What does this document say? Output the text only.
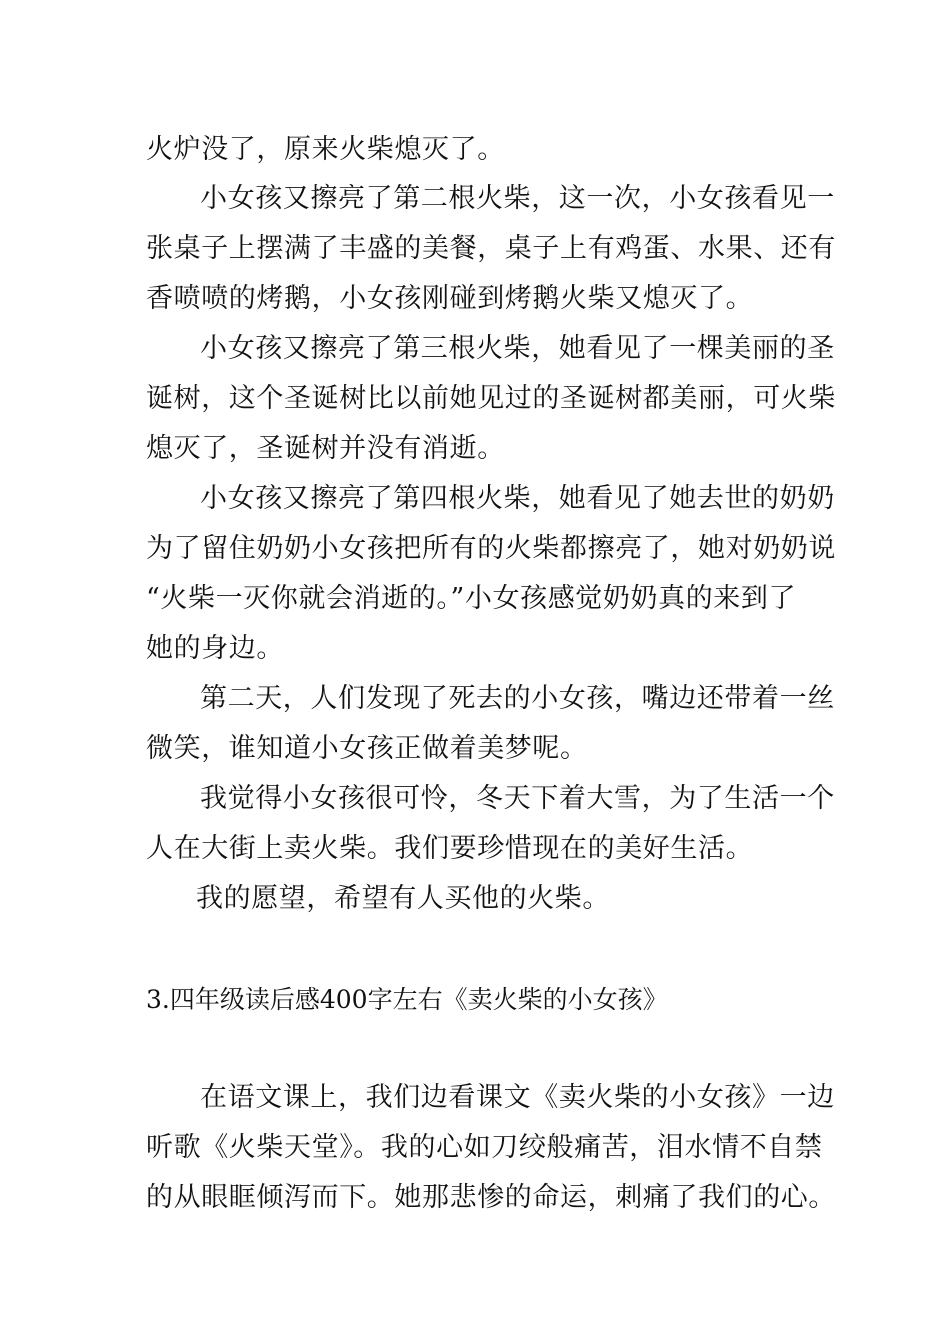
火炉没了，原来火柴熄灭了。
小女孩又擦亮了第二根火柴，这一次，小女孩看见一
张桌子上摆满了丰盛的美餐，桌子上有鸡蛋、水果、还有
香喷喷的烤鹅，小女孩刚碰到烤鹅火柴又熄灭了。
小女孩又擦亮了第三根火柴，她看见了一棵美丽的圣
诞树，这个圣诞树比以前她见过的圣诞树都美丽，可火柴
熄灭了，圣诞树并没有消逝。
小女孩又擦亮了第四根火柴，她看见了她去世的奶奶
为了留住奶奶小女孩把所有的火柴都擦亮了，她对奶奶说
“火柴一灭你就会消逝的。”小女孩感觉奶奶真的来到了
她的身边。
第二天，人们发现了死去的小女孩，嘴边还带着一丝
微笑，谁知道小女孩正做着美梦呢。
我觉得小女孩很可怜，冬天下着大雪，为了生活一个
人在大街上卖火柴。我们要珍惜现在的美好生活。
我的愿望，希望有人买他的火柴。
3.四年级读后感400字左右《卖火柴的小女孩》
在语文课上，我们边看课文《卖火柴的小女孩》一边
听歌《火柴天堂》。我的心如刀绞般痛苦，泪水情不自禁
的从眼眶倾泻而下。她那悲惨的命运，刺痛了我们的心。
